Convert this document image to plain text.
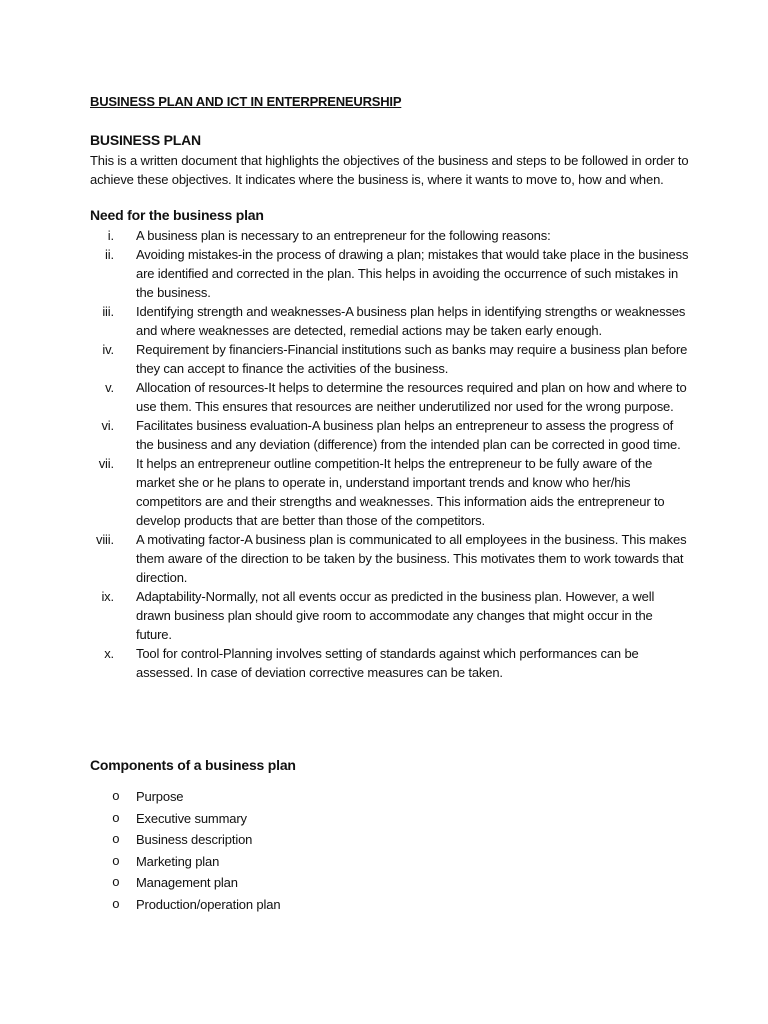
BUSINESS PLAN AND ICT IN ENTERPRENEURSHIP
BUSINESS PLAN
This is a written document that highlights the objectives of the business and steps to be followed in order to achieve these objectives. It indicates where the business is, where it wants to move to, how and when.
Need for the business plan
i. A business plan is necessary to an entrepreneur for the following reasons:
ii. Avoiding mistakes-in the process of drawing a plan; mistakes that would take place in the business are identified and corrected in the plan. This helps in avoiding the occurrence of such mistakes in the business.
iii. Identifying strength and weaknesses-A business plan helps in identifying strengths or weaknesses and where weaknesses are detected, remedial actions may be taken early enough.
iv. Requirement by financiers-Financial institutions such as banks may require a business plan before they can accept to finance the activities of the business.
v. Allocation of resources-It helps to determine the resources required and plan on how and where to use them. This ensures that resources are neither underutilized nor used for the wrong purpose.
vi. Facilitates business evaluation-A business plan helps an entrepreneur to assess the progress of the business and any deviation (difference) from the intended plan can be corrected in good time.
vii. It helps an entrepreneur outline competition-It helps the entrepreneur to be fully aware of the market she or he plans to operate in, understand important trends and know who her/his competitors are and their strengths and weaknesses. This information aids the entrepreneur to develop products that are better than those of the competitors.
viii. A motivating factor-A business plan is communicated to all employees in the business. This makes them aware of the direction to be taken by the business. This motivates them to work towards that direction.
ix. Adaptability-Normally, not all events occur as predicted in the business plan. However, a well drawn business plan should give room to accommodate any changes that might occur in the future.
x. Tool for control-Planning involves setting of standards against which performances can be assessed. In case of deviation corrective measures can be taken.
Components of a business plan
o Purpose
o Executive summary
o Business description
o Marketing plan
o Management plan
o Production/operation plan
